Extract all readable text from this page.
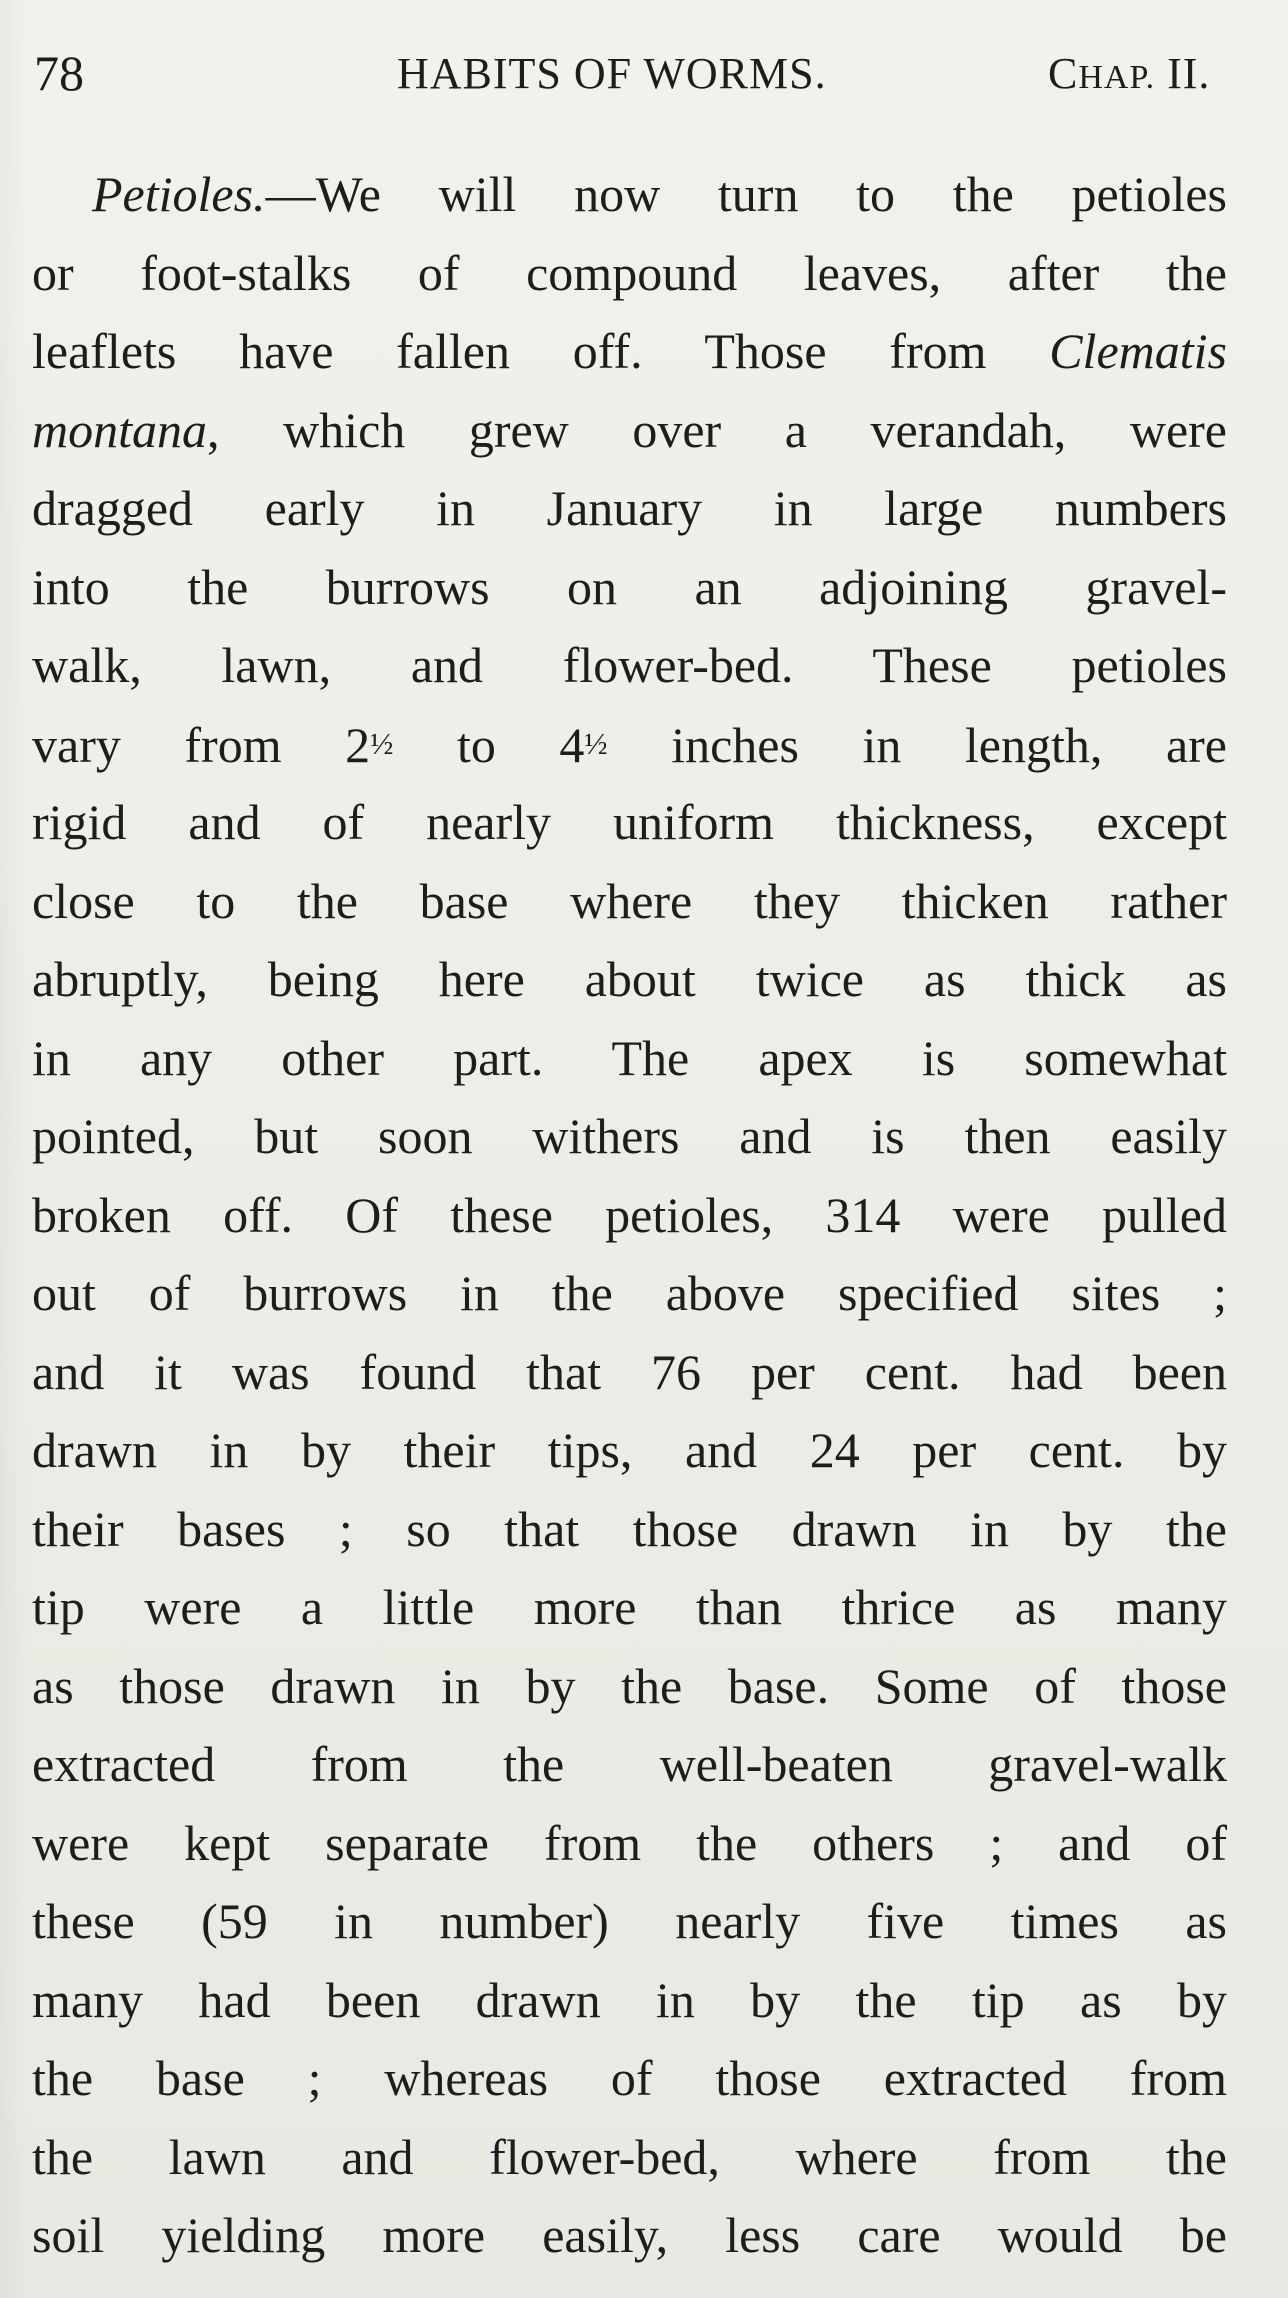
78	HABITS OF WORMS.	CHAP. II.
Petioles.—We will now turn to the petioles
or foot-stalks of compound leaves, after the
leaflets have fallen off. Those from Clematis
montana, which grew over a verandah, were
dragged early in January in large numbers
into the burrows on an adjoining gravel-
walk, lawn, and flower-bed. These petioles
vary from 2½ to 4½ inches in length, are
rigid and of nearly uniform thickness, except
close to the base where they thicken rather
abruptly, being here about twice as thick as
in any other part. The apex is somewhat
pointed, but soon withers and is then easily
broken off. Of these petioles, 314 were pulled
out of burrows in the above specified sites ;
and it was found that 76 per cent. had been
drawn in by their tips, and 24 per cent. by
their bases ; so that those drawn in by the
tip were a little more than thrice as many
as those drawn in by the base. Some of those
extracted from the well-beaten gravel-walk
were kept separate from the others ; and of
these (59 in number) nearly five times as
many had been drawn in by the tip as by
the base ; whereas of those extracted from
the lawn and flower-bed, where from the
soil yielding more easily, less care would be
